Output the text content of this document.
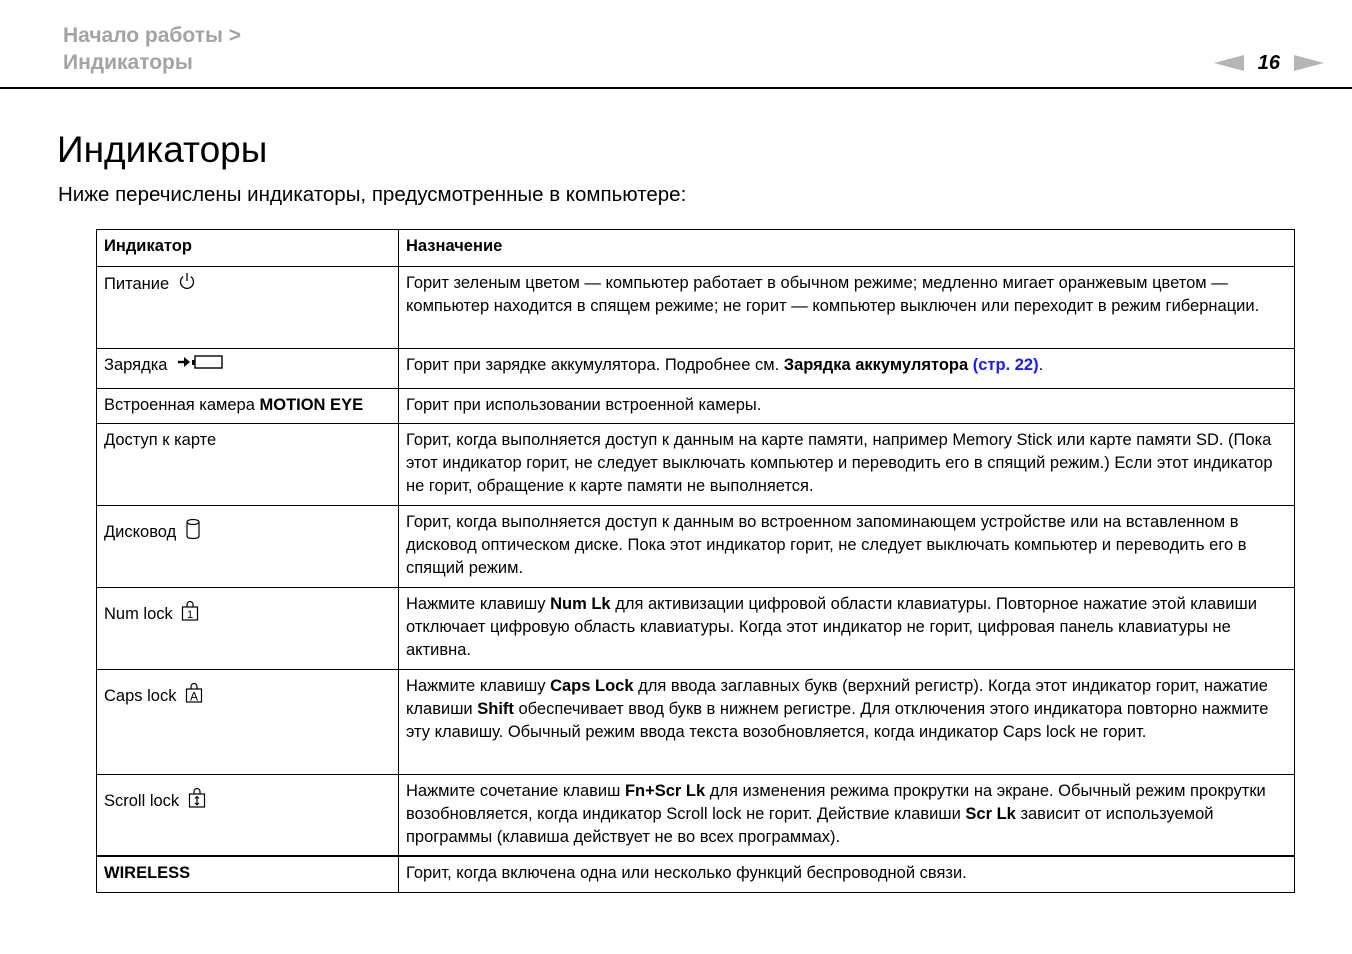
Начало работы >
Индикаторы	16
Индикаторы

Ниже перечислены индикаторы, предусмотренные в компьютере:

Индикатор	Назначение
Питание	Горит зеленым цветом — компьютер работает в обычном режиме; медленно мигает оранжевым цветом — компьютер находится в спящем режиме; не горит — компьютер выключен или переходит в режим гибернации.
Зарядка	Горит при зарядке аккумулятора. Подробнее см. Зарядка аккумулятора (стр. 22).
Встроенная камера MOTION EYE	Горит при использовании встроенной камеры.
Доступ к карте	Горит, когда выполняется доступ к данным на карте памяти, например Memory Stick или карте памяти SD. (Пока этот индикатор горит, не следует выключать компьютер и переводить его в спящий режим.) Если этот индикатор не горит, обращение к карте памяти не выполняется.
Дисковод	Горит, когда выполняется доступ к данным во встроенном запоминающем устройстве или на вставленном в дисковод оптическом диске. Пока этот индикатор горит, не следует выключать компьютер и переводить его в спящий режим.
Num lock 1	Нажмите клавишу Num Lk для активизации цифровой области клавиатуры. Повторное нажатие этой клавиши отключает цифровую область клавиатуры. Когда этот индикатор не горит, цифровая панель клавиатуры не активна.
Caps lock A	Нажмите клавишу Caps Lock для ввода заглавных букв (верхний регистр). Когда этот индикатор горит, нажатие клавиши Shift обеспечивает ввод букв в нижнем регистре. Для отключения этого индикатора повторно нажмите эту клавишу. Обычный режим ввода текста возобновляется, когда индикатор Caps lock не горит.
Scroll lock	Нажмите сочетание клавиш Fn+Scr Lk для изменения режима прокрутки на экране. Обычный режим прокрутки возобновляется, когда индикатор Scroll lock не горит. Действие клавиши Scr Lk зависит от используемой программы (клавиша действует не во всех программах).
WIRELESS	Горит, когда включена одна или несколько функций беспроводной связи.
